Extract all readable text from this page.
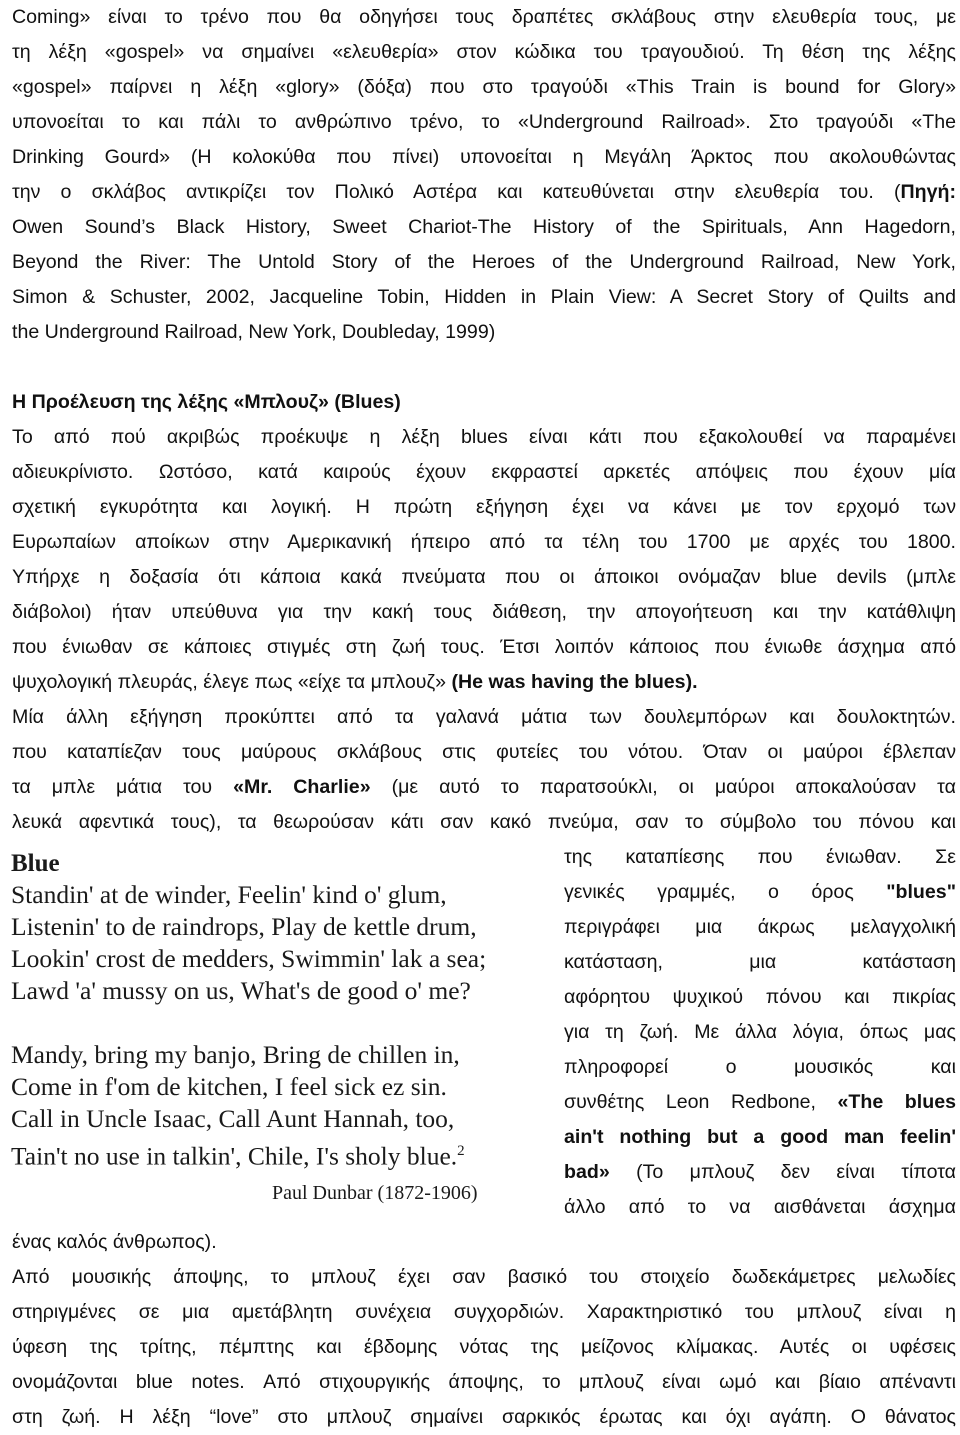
Coming» είναι το τρένο που θα οδηγήσει τους δραπέτες σκλάβους στην ελευθερία τους, με
τη λέξη «gospel» να σημαίνει «ελευθερία» στον κώδικα του τραγουδιού. Τη θέση της λέξης
«gospel» παίρνει η λέξη «glory» (δόξα) που στο τραγούδι «This Train is bound for Glory»
υπονοείται το και πάλι το ανθρώπινο τρένο, το «Underground Railroad». Στο τραγούδι «The
Drinking Gourd» (Η κολοκύθα που πίνει) υπονοείται η Μεγάλη Άρκτος που ακολουθώντας
την ο σκλάβος αντικρίζει τον Πολικό Αστέρα και κατευθύνεται στην ελευθερία του. (Πηγή:
Owen Sound’s Black History, Sweet Chariot-The History of the Spirituals, Ann Hagedorn,
Beyond the River: The Untold Story of the Heroes of the Underground Railroad, New York,
Simon & Schuster, 2002, Jacqueline Tobin, Hidden in Plain View: A Secret Story of Quilts and
the Underground Railroad, New York, Doubleday, 1999)
Η Προέλευση της λέξης «Μπλουζ» (Blues)
Το από πού ακριβώς προέκυψε η λέξη blues είναι κάτι που εξακολουθεί να παραμένει
αδιευκρίνιστο. Ωστόσο, κατά καιρούς έχουν εκφραστεί αρκετές απόψεις που έχουν μία
σχετική εγκυρότητα και λογική. Η πρώτη εξήγηση έχει να κάνει με τον ερχομό των
Ευρωπαίων αποίκων στην Αμερικανική ήπειρο από τα τέλη του 1700 με αρχές του 1800.
Υπήρχε η δοξασία ότι κάποια κακά πνεύματα που οι άποικοι ονόμαζαν blue devils (μπλε
διάβολοι) ήταν υπεύθυνα για την κακή τους διάθεση, την απογοήτευση και την κατάθλιψη
που ένιωθαν σε κάποιες στιγμές στη ζωή τους. Έτσι λοιπόν κάποιος που ένιωθε άσχημα από
ψυχολογική πλευράς, έλεγε πως «είχε τα μπλουζ» (He was having the blues).
Μία άλλη εξήγηση προκύπτει από τα γαλανά μάτια των δουλεμπόρων και δουλοκτητών.
που καταπίεζαν τους μαύρους σκλάβους στις φυτείες του νότου. Όταν οι μαύροι έβλεπαν
τα μπλε μάτια του «Mr. Charlie» (με αυτό το παρατσούκλι, οι μαύροι αποκαλούσαν τα
λευκά αφεντικά τους), τα θεωρούσαν κάτι σαν κακό πνεύμα, σαν το σύμβολο του πόνου και
Blue
Standin' at de winder, Feelin' kind o' glum,
Listenin' to de raindrops, Play de kettle drum,
Lookin' crost de medders, Swimmin' lak a sea;
Lawd 'a' mussy on us, What's de good o' me?
Mandy, bring my banjo, Bring de chillen in,
Come in f'om de kitchen, I feel sick ez sin.
Call in Uncle Isaac, Call Aunt Hannah, too,
Tain't no use in talkin', Chile, I's sholy blue.$^2$
Paul Dunbar (1872-1906)
της καταπίεσης που ένιωθαν. Σε
γενικές γραμμές, ο όρος "blues"
περιγράφει μια άκρως μελαγχολική
κατάσταση, μια κατάσταση
αφόρητου ψυχικού πόνου και πικρίας
για τη ζωή. Με άλλα λόγια, όπως μας
πληροφορεί ο μουσικός και
συνθέτης Leon Redbone, «The blues
ain't nothing but a good man feelin'
bad» (Το μπλουζ δεν είναι τίποτα
άλλο από το να αισθάνεται άσχημα
ένας καλός άνθρωπος).
Από μουσικής άποψης, το μπλουζ έχει σαν βασικό του στοιχείο δωδεκάμετρες μελωδίες
στηριγμένες σε μια αμετάβλητη συνέχεια συγχορδιών. Χαρακτηριστικό του μπλουζ είναι η
ύφεση της τρίτης, πέμπτης και έβδομης νότας της μείζονος κλίμακας. Αυτές οι υφέσεις
ονομάζονται blue notes. Από στιχουργικής άποψης, το μπλουζ είναι ωμό και βίαιο απέναντι
στη ζωή. Η λέξη “love” στο μπλουζ σημαίνει σαρκικός έρωτας και όχι αγάπη. Ο θάνατος
